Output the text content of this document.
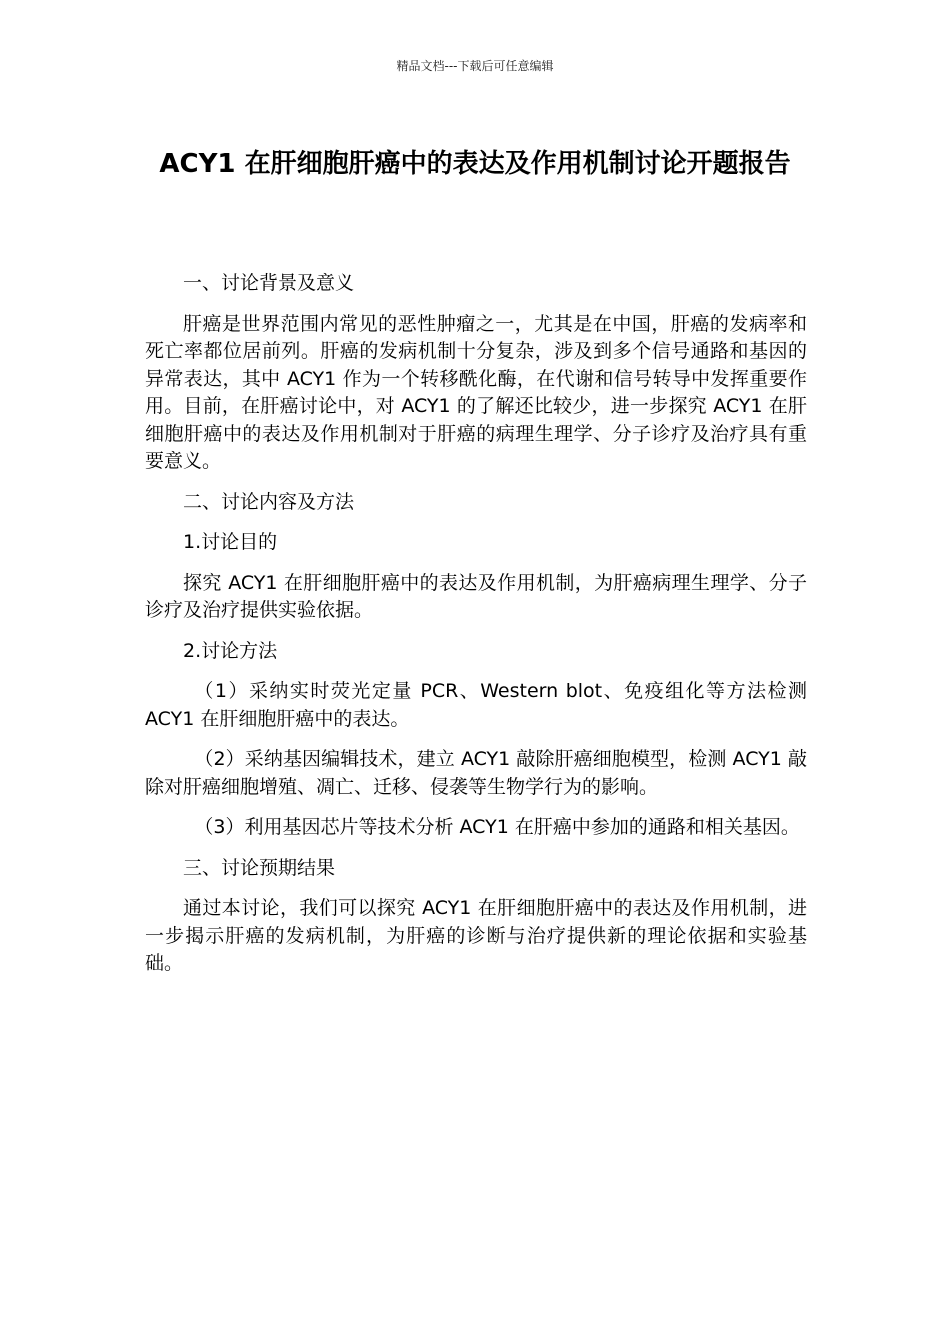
精品文档---下载后可任意编辑
ACY1 在肝细胞肝癌中的表达及作用机制讨论开题报告

一、讨论背景及意义

肝癌是世界范围内常见的恶性肿瘤之一，尤其是在中国，肝癌的发病率和死亡率都位居前列。肝癌的发病机制十分复杂，涉及到多个信号通路和基因的异常表达，其中 ACY1 作为一个转移酰化酶，在代谢和信号转导中发挥重要作用。目前，在肝癌讨论中，对 ACY1 的了解还比较少，进一步探究 ACY1 在肝细胞肝癌中的表达及作用机制对于肝癌的病理生理学、分子诊疗及治疗具有重要意义。

二、讨论内容及方法

1.讨论目的

探究 ACY1 在肝细胞肝癌中的表达及作用机制，为肝癌病理生理学、分子诊疗及治疗提供实验依据。

2.讨论方法

（1）采纳实时荧光定量 PCR、Western blot、免疫组化等方法检测 ACY1 在肝细胞肝癌中的表达。

（2）采纳基因编辑技术，建立 ACY1 敲除肝癌细胞模型，检测 ACY1 敲除对肝癌细胞增殖、凋亡、迁移、侵袭等生物学行为的影响。

（3）利用基因芯片等技术分析 ACY1 在肝癌中参加的通路和相关基因。

三、讨论预期结果

通过本讨论，我们可以探究 ACY1 在肝细胞肝癌中的表达及作用机制，进一步揭示肝癌的发病机制，为肝癌的诊断与治疗提供新的理论依据和实验基础。
